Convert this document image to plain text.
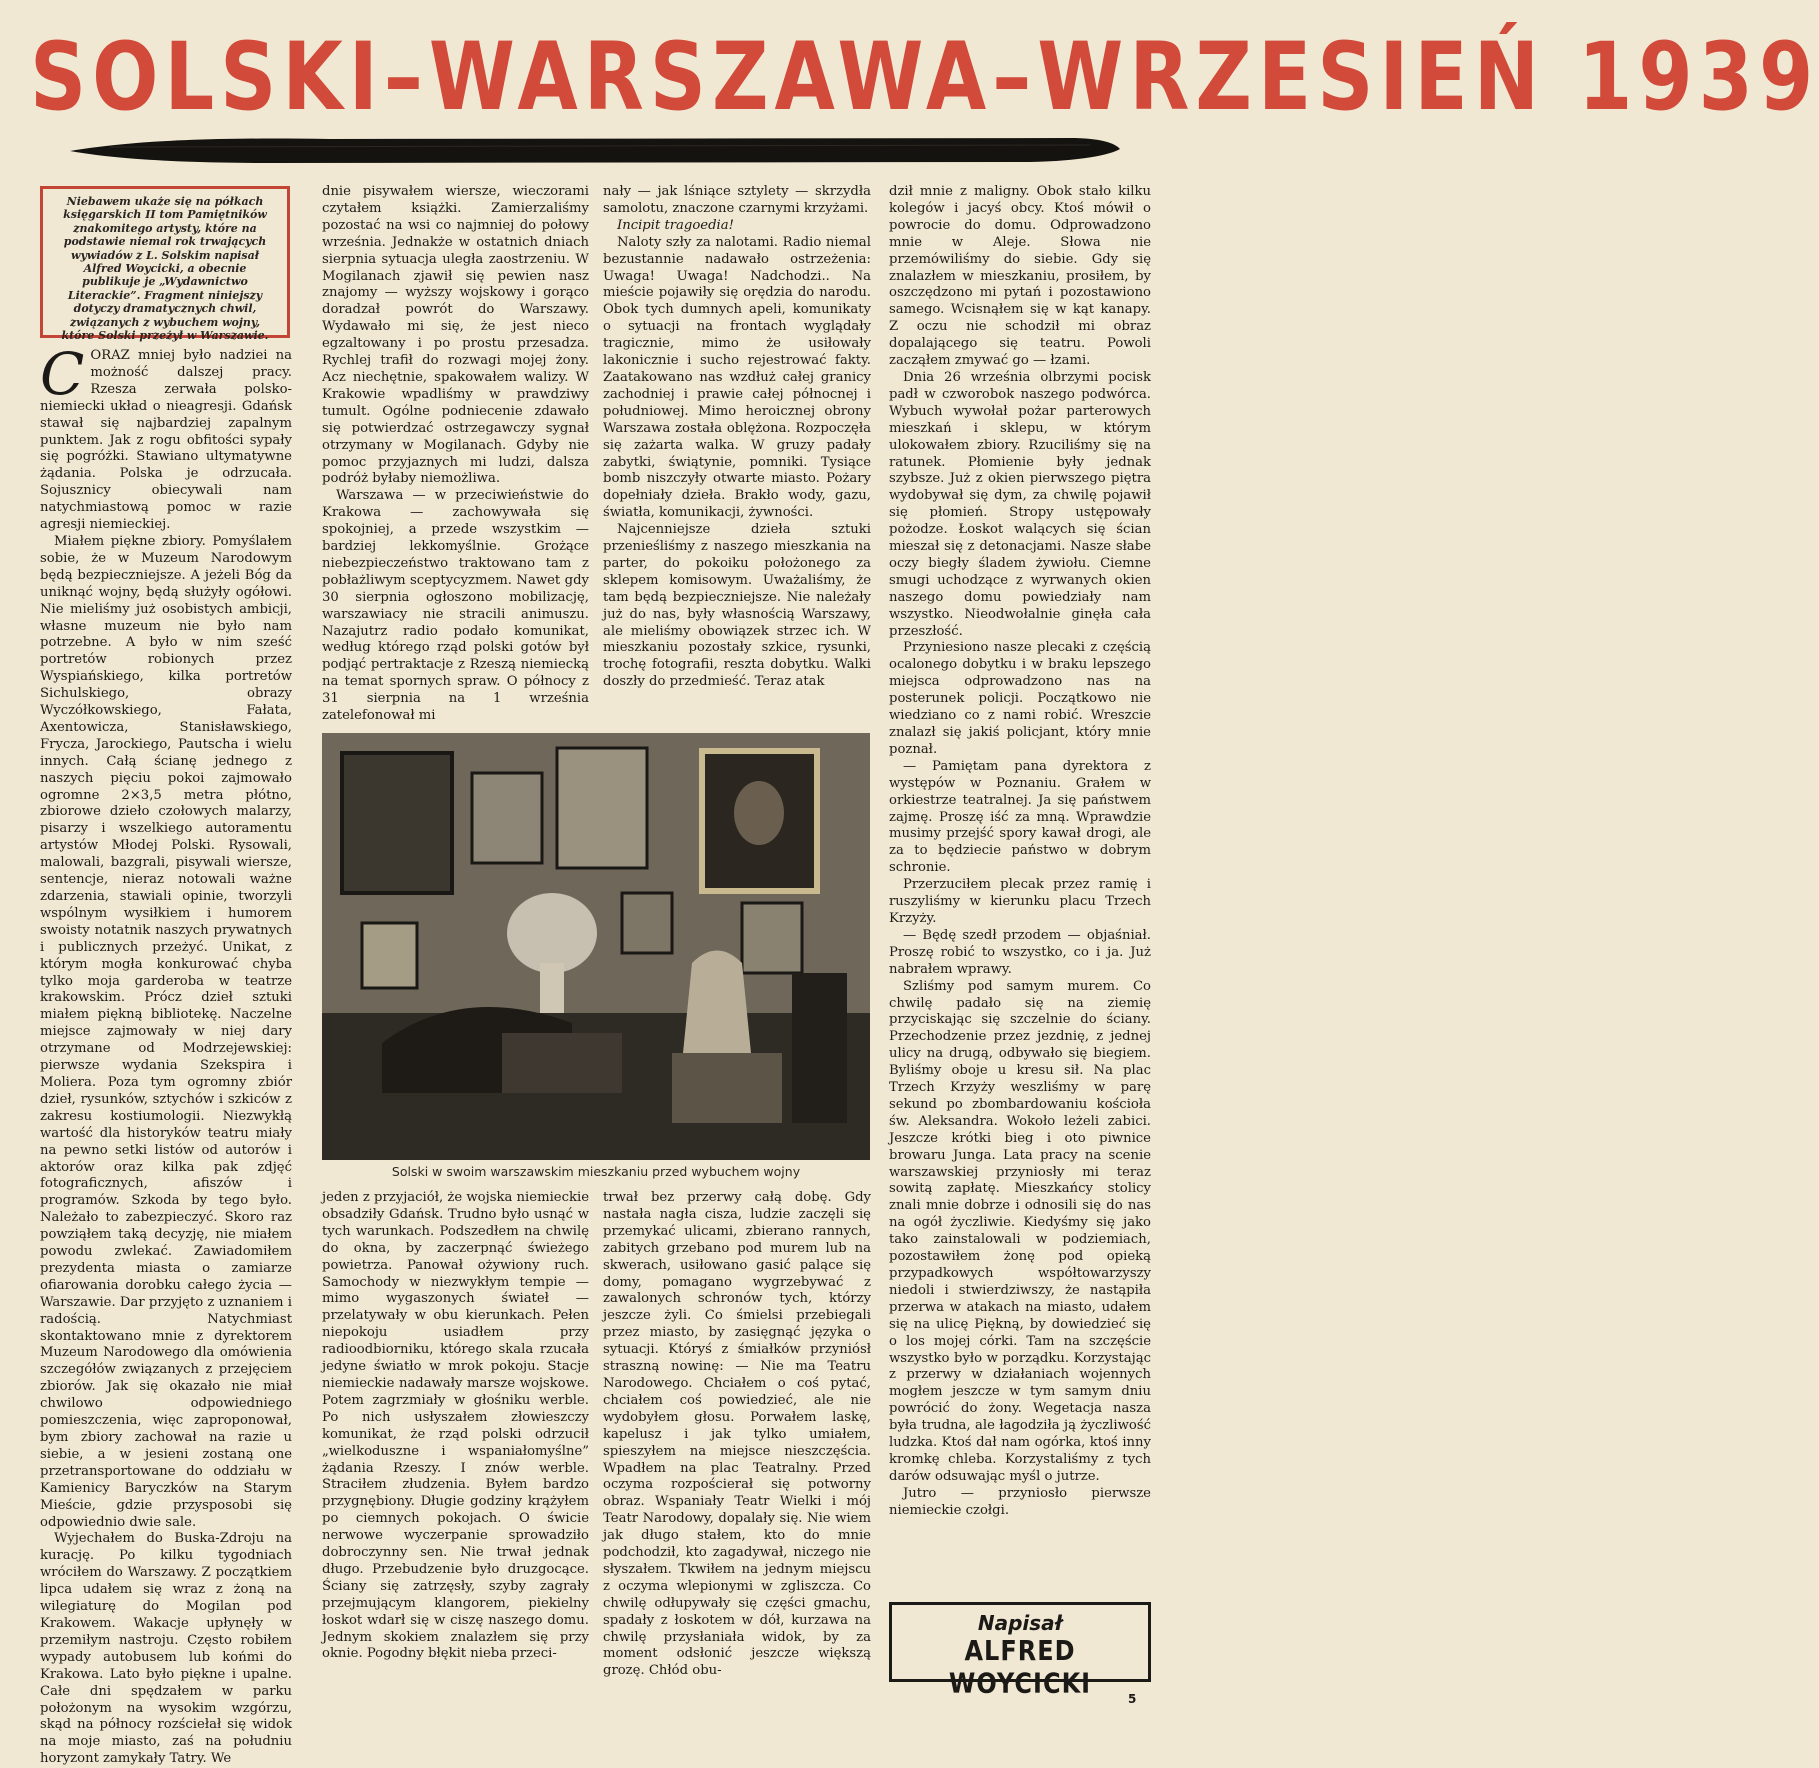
SOLSKI–WARSZAWA–WRZESIEŃ 1939
Niebawem ukaże się na półkach księgarskich II tom Pamiętników znakomitego artysty, które na podstawie niemal rok trwających wywiadów z L. Solskim napisał Alfred Woycicki, a obecnie publikuje je „Wydawnictwo Literackie”. Fragment niniejszy dotyczy dramatycznych chwil, związanych z wybuchem wojny, które Solski przeżył w Warszawie.

CORAZ mniej było nadziei na możność dalszej pracy. Rzesza zerwała polsko-niemiecki układ o nieagresji. Gdańsk stawał się najbardziej zapalnym punktem. Jak z rogu obfitości sypały się pogróżki. Stawiano ultymatywne żądania. Polska je odrzucała. Sojusznicy obiecywali nam natychmiastową pomoc w razie agresji niemieckiej.

Miałem piękne zbiory. Pomyślałem sobie, że w Muzeum Narodowym będą bezpieczniejsze. A jeżeli Bóg da uniknąć wojny, będą służyły ogółowi. Nie mieliśmy już osobistych ambicji, własne muzeum nie było nam potrzebne. A było w nim sześć portretów robionych przez Wyspiańskiego, kilka portretów Sichulskiego, obrazy Wyczółkowskiego, Fałata, Axentowicza, Stanisławskiego, Frycza, Jarockiego, Pautscha i wielu innych. Całą ścianę jednego z naszych pięciu pokoi zajmowało ogromne 2×3,5 metra płótno, zbiorowe dzieło czołowych malarzy, pisarzy i wszelkiego autoramentu artystów Młodej Polski. Rysowali, malowali, bazgrali, pisywali wiersze, sentencje, nieraz notowali ważne zdarzenia, stawiali opinie, tworzyli wspólnym wysiłkiem i humorem swoisty notatnik naszych prywatnych i publicznych przeżyć. Unikat, z którym mogła konkurować chyba tylko moja garderoba w teatrze krakowskim. Prócz dzieł sztuki miałem piękną bibliotekę. Naczelne miejsce zajmowały w niej dary otrzymane od Modrzejewskiej: pierwsze wydania Szekspira i Moliera. Poza tym ogromny zbiór dzieł, rysunków, sztychów i szkiców z zakresu kostiumologii. Niezwykłą wartość dla historyków teatru miały na pewno setki listów od autorów i aktorów oraz kilka pak zdjęć fotograficznych, afiszów i programów. Szkoda by tego było. Należało to zabezpieczyć. Skoro raz powziąłem taką decyzję, nie miałem powodu zwlekać. Zawiadomiłem prezydenta miasta o zamiarze ofiarowania dorobku całego życia — Warszawie. Dar przyjęto z uznaniem i radością. Natychmiast skontaktowano mnie z dyrektorem Muzeum Narodowego dla omówienia szczegółów związanych z przejęciem zbiorów. Jak się okazało nie miał chwilowo odpowiedniego pomieszczenia, więc zaproponował, bym zbiory zachował na razie u siebie, a w jesieni zostaną one przetransportowane do oddziału w Kamienicy Baryczków na Starym Mieście, gdzie przysposobi się odpowiednio dwie sale.

Wyjechałem do Buska-Zdroju na kurację. Po kilku tygodniach wróciłem do Warszawy. Z początkiem lipca udałem się wraz z żoną na wilegiaturę do Mogilan pod Krakowem. Wakacje upłynęły w przemiłym nastroju. Często robiłem wypady autobusem lub końmi do Krakowa. Lato było piękne i upalne. Całe dni spędzałem w parku położonym na wysokim wzgórzu, skąd na północy rozściełał się widok na moje miasto, zaś na południu horyzont zamykały Tatry. We

dnie pisywałem wiersze, wieczorami czytałem książki. Zamierzaliśmy pozostać na wsi co najmniej do połowy września. Jednakże w ostatnich dniach sierpnia sytuacja uległa zaostrzeniu. W Mogilanach zjawił się pewien nasz znajomy — wyższy wojskowy i gorąco doradzał powrót do Warszawy. Wydawało mi się, że jest nieco egzaltowany i po prostu przesadza. Rychlej trafił do rozwagi mojej żony. Acz niechętnie, spakowałem walizy. W Krakowie wpadliśmy w prawdziwy tumult. Ogólne podniecenie zdawało się potwierdzać ostrzegawczy sygnał otrzymany w Mogilanach. Gdyby nie pomoc przyjaznych mi ludzi, dalsza podróż byłaby niemożliwa.

Warszawa — w przeciwieństwie do Krakowa — zachowywała się spokojniej, a przede wszystkim — bardziej lekkomyślnie. Grożące niebezpieczeństwo traktowano tam z pobłażliwym sceptycyzmem. Nawet gdy 30 sierpnia ogłoszono mobilizację, warszawiacy nie stracili animuszu. Nazajutrz radio podało komunikat, według którego rząd polski gotów był podjąć pertraktacje z Rzeszą niemiecką na temat spornych spraw. O północy z 31 sierpnia na 1 września zatelefonował mi

nały — jak lśniące sztylety — skrzydła samolotu, znaczone czarnymi krzyżami.

Incipit tragoedia!

Naloty szły za nalotami. Radio niemal bezustannie nadawało ostrzeżenia: Uwaga! Uwaga! Nadchodzi.. Na mieście pojawiły się orędzia do narodu. Obok tych dumnych apeli, komunikaty o sytuacji na frontach wyglądały tragicznie, mimo że usiłowały lakonicznie i sucho rejestrować fakty. Zaatakowano nas wzdłuż całej granicy zachodniej i prawie całej północnej i południowej. Mimo heroicznej obrony Warszawa została oblężona. Rozpoczęła się zażarta walka. W gruzy padały zabytki, świątynie, pomniki. Tysiące bomb niszczyły otwarte miasto. Pożary dopełniały dzieła. Brakło wody, gazu, światła, komunikacji, żywności.

Najcenniejsze dzieła sztuki przenieśliśmy z naszego mieszkania na parter, do pokoiku położonego za sklepem komisowym. Uważaliśmy, że tam będą bezpieczniejsze. Nie należały już do nas, były własnością Warszawy, ale mieliśmy obowiązek strzec ich. W mieszkaniu pozostały szkice, rysunki, trochę fotografii, reszta dobytku. Walki doszły do przedmieść. Teraz atak

Solski w swoim warszawskim mieszkaniu przed wybuchem wojny

jeden z przyjaciół, że wojska niemieckie obsadziły Gdańsk. Trudno było usnąć w tych warunkach. Podszedłem na chwilę do okna, by zaczerpnąć świeżego powietrza. Panował ożywiony ruch. Samochody w niezwykłym tempie — mimo wygaszonych świateł — przelatywały w obu kierunkach. Pełen niepokoju usiadłem przy radioodbiorniku, którego skala rzucała jedyne światło w mrok pokoju. Stacje niemieckie nadawały marsze wojskowe. Potem zagrzmiały w głośniku werble. Po nich usłyszałem złowieszczy komunikat, że rząd polski odrzucił „wielkoduszne i wspaniałomyślne” żądania Rzeszy. I znów werble. Straciłem złudzenia. Byłem bardzo przygnębiony. Długie godziny krążyłem po ciemnych pokojach. O świcie nerwowe wyczerpanie sprowadziło dobroczynny sen. Nie trwał jednak długo. Przebudzenie było druzgocące. Ściany się zatrzęsły, szyby zagrały przejmującym klangorem, piekielny łoskot wdarł się w ciszę naszego domu. Jednym skokiem znalazłem się przy oknie. Pogodny błękit nieba przeci-

trwał bez przerwy całą dobę. Gdy nastała nagła cisza, ludzie zaczęli się przemykać ulicami, zbierano rannych, zabitych grzebano pod murem lub na skwerach, usiłowano gasić palące się domy, pomagano wygrzebywać z zawalonych schronów tych, którzy jeszcze żyli. Co śmielsi przebiegali przez miasto, by zasięgnąć języka o sytuacji. Któryś z śmiałków przyniósł straszną nowinę: — Nie ma Teatru Narodowego. Chciałem o coś pytać, chciałem coś powiedzieć, ale nie wydobyłem głosu. Porwałem laskę, kapelusz i jak tylko umiałem, spieszyłem na miejsce nieszczęścia. Wpadłem na plac Teatralny. Przed oczyma rozpościerał się potworny obraz. Wspaniały Teatr Wielki i mój Teatr Narodowy, dopalały się. Nie wiem jak długo stałem, kto do mnie podchodził, kto zagadywał, niczego nie słyszałem. Tkwiłem na jednym miejscu z oczyma wlepionymi w zgliszcza. Co chwilę odłupywały się części gmachu, spadały z łoskotem w dół, kurzawa na chwilę przysłaniała widok, by za moment odsłonić jeszcze większą grozę. Chłód obu-

dził mnie z maligny. Obok stało kilku kolegów i jacyś obcy. Ktoś mówił o powrocie do domu. Odprowadzono mnie w Aleje. Słowa nie przemówiliśmy do siebie. Gdy się znalazłem w mieszkaniu, prosiłem, by oszczędzono mi pytań i pozostawiono samego. Wcisnąłem się w kąt kanapy. Z oczu nie schodził mi obraz dopalającego się teatru. Powoli zacząłem zmywać go — łzami.

Dnia 26 września olbrzymi pocisk padł w czworobok naszego podwórca. Wybuch wywołał pożar parterowych mieszkań i sklepu, w którym ulokowałem zbiory. Rzuciliśmy się na ratunek. Płomienie były jednak szybsze. Już z okien pierwszego piętra wydobywał się dym, za chwilę pojawił się płomień. Stropy ustępowały pożodze. Łoskot walących się ścian mieszał się z detonacjami. Nasze słabe oczy biegły śladem żywiołu. Ciemne smugi uchodzące z wyrwanych okien naszego domu powiedziały nam wszystko. Nieodwołalnie ginęła cała przeszłość.

Przyniesiono nasze plecaki z częścią ocalonego dobytku i w braku lepszego miejsca odprowadzono nas na posterunek policji. Początkowo nie wiedziano co z nami robić. Wreszcie znalazł się jakiś policjant, który mnie poznał.

— Pamiętam pana dyrektora z występów w Poznaniu. Grałem w orkiestrze teatralnej. Ja się państwem zajmę. Proszę iść za mną. Wprawdzie musimy przejść spory kawał drogi, ale za to będziecie państwo w dobrym schronie.

Przerzuciłem plecak przez ramię i ruszyliśmy w kierunku placu Trzech Krzyży.

— Będę szedł przodem — objaśniał. Proszę robić to wszystko, co i ja. Już nabrałem wprawy.

Szliśmy pod samym murem. Co chwilę padało się na ziemię przyciskając się szczelnie do ściany. Przechodzenie przez jezdnię, z jednej ulicy na drugą, odbywało się biegiem. Byliśmy oboje u kresu sił. Na plac Trzech Krzyży weszliśmy w parę sekund po zbombardowaniu kościoła św. Aleksandra. Wokoło leżeli zabici. Jeszcze krótki bieg i oto piwnice browaru Junga. Lata pracy na scenie warszawskiej przyniosły mi teraz sowitą zapłatę. Mieszkańcy stolicy znali mnie dobrze i odnosili się do nas na ogół życzliwie. Kiedyśmy się jako tako zainstalowali w podziemiach, pozostawiłem żonę pod opieką przypadkowych współtowarzyszy niedoli i stwierdziwszy, że nastąpiła przerwa w atakach na miasto, udałem się na ulicę Piękną, by dowiedzieć się o los mojej córki. Tam na szczęście wszystko było w porządku. Korzystając z przerwy w działaniach wojennych mogłem jeszcze w tym samym dniu powrócić do żony. Wegetacja nasza była trudna, ale łagodziła ją życzliwość ludzka. Ktoś dał nam ogórka, ktoś inny kromkę chleba. Korzystaliśmy z tych darów odsuwając myśl o jutrze.

Jutro — przyniosło pierwsze niemieckie czołgi.

Napisał
ALFRED WOYCICKI	5
